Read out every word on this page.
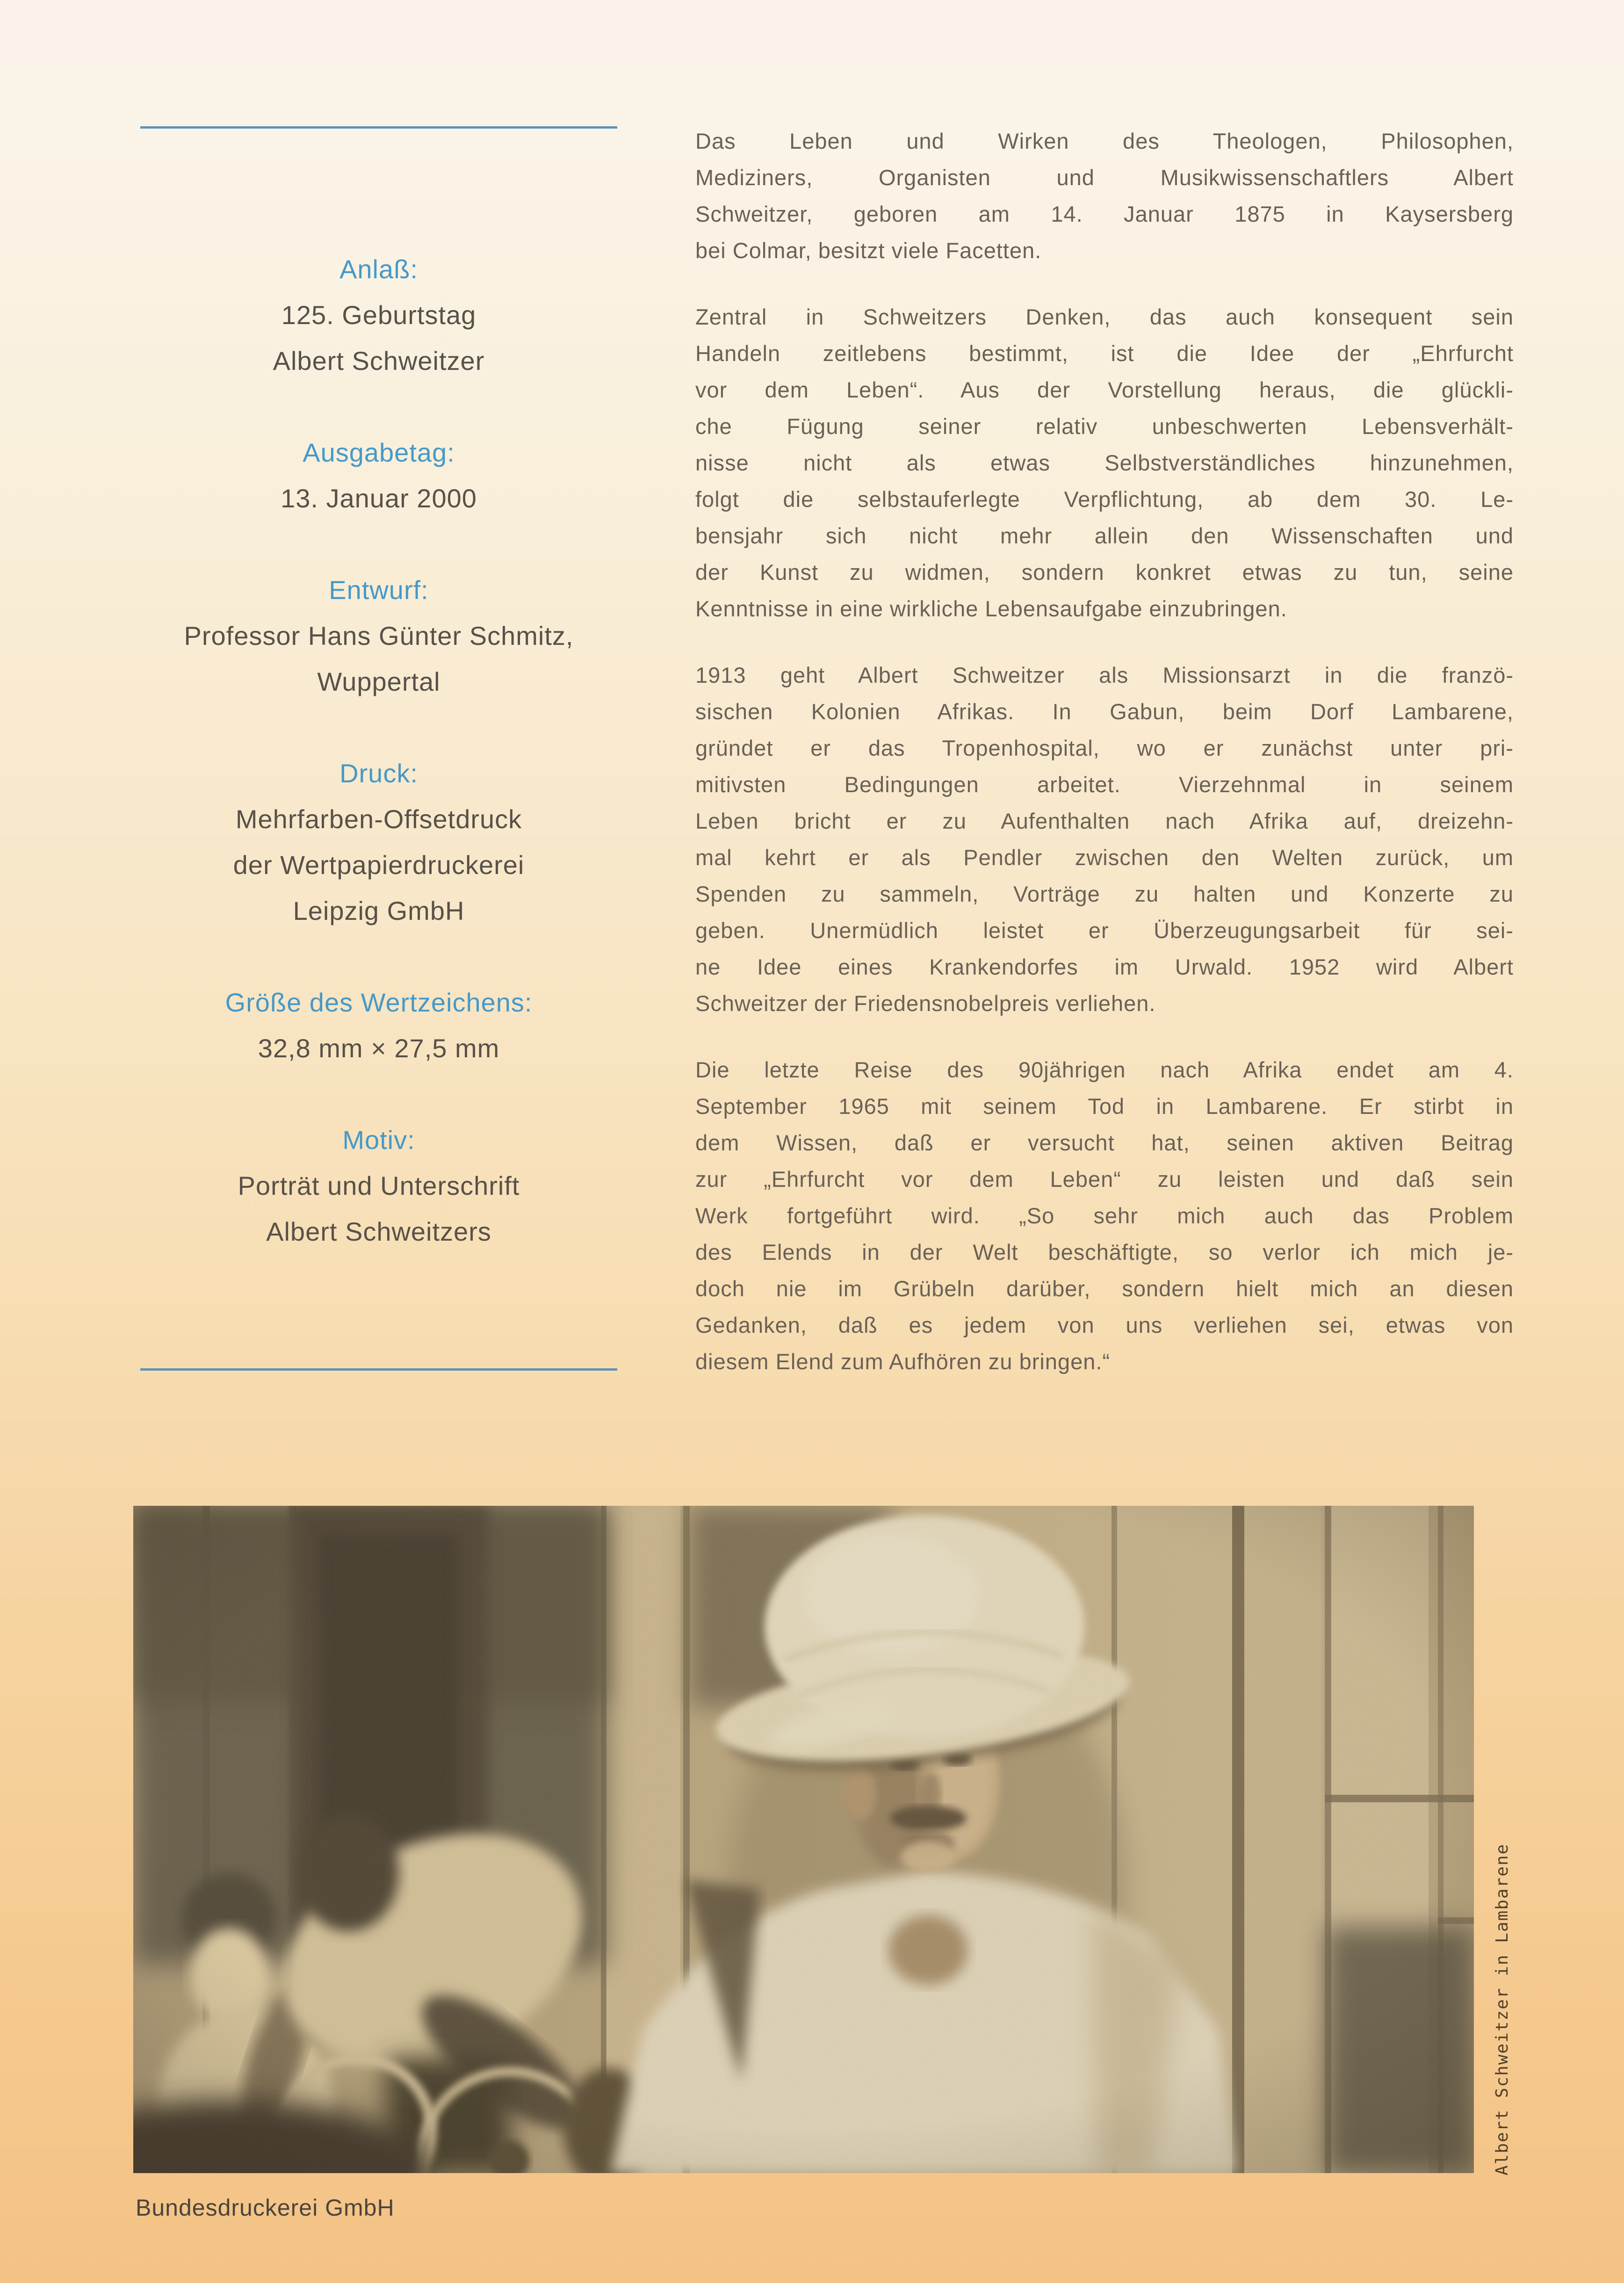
Anlaß:
125. Geburtstag
Albert Schweitzer
Ausgabetag:
13. Januar 2000
Entwurf:
Professor Hans Günter Schmitz,
Wuppertal
Druck:
Mehrfarben-Offsetdruck
der Wertpapierdruckerei
Leipzig GmbH
Größe des Wertzeichens:
32,8 mm × 27,5 mm
Motiv:
Porträt und Unterschrift
Albert Schweitzers
Das Leben und Wirken des Theologen, Philosophen,
Mediziners, Organisten und Musikwissenschaftlers Albert
Schweitzer, geboren am 14. Januar 1875 in Kaysersberg
bei Colmar, besitzt viele Facetten.
Zentral in Schweitzers Denken, das auch konsequent sein
Handeln zeitlebens bestimmt, ist die Idee der „Ehrfurcht
vor dem Leben“. Aus der Vorstellung heraus, die glückli-
che Fügung seiner relativ unbeschwerten Lebensverhält-
nisse nicht als etwas Selbstverständliches hinzunehmen,
folgt die selbstauferlegte Verpflichtung, ab dem 30. Le-
bensjahr sich nicht mehr allein den Wissenschaften und
der Kunst zu widmen, sondern konkret etwas zu tun, seine
Kenntnisse in eine wirkliche Lebensaufgabe einzubringen.
1913 geht Albert Schweitzer als Missionsarzt in die franzö-
sischen Kolonien Afrikas. In Gabun, beim Dorf Lambarene,
gründet er das Tropenhospital, wo er zunächst unter pri-
mitivsten Bedingungen arbeitet. Vierzehnmal in seinem
Leben bricht er zu Aufenthalten nach Afrika auf, dreizehn-
mal kehrt er als Pendler zwischen den Welten zurück, um
Spenden zu sammeln, Vorträge zu halten und Konzerte zu
geben. Unermüdlich leistet er Überzeugungsarbeit für sei-
ne Idee eines Krankendorfes im Urwald. 1952 wird Albert
Schweitzer der Friedensnobelpreis verliehen.
Die letzte Reise des 90jährigen nach Afrika endet am 4.
September 1965 mit seinem Tod in Lambarene. Er stirbt in
dem Wissen, daß er versucht hat, seinen aktiven Beitrag
zur „Ehrfurcht vor dem Leben“ zu leisten und daß sein
Werk fortgeführt wird. „So sehr mich auch das Problem
des Elends in der Welt beschäftigte, so verlor ich mich je-
doch nie im Grübeln darüber, sondern hielt mich an diesen
Gedanken, daß es jedem von uns verliehen sei, etwas von
diesem Elend zum Aufhören zu bringen.“
Albert Schweitzer in Lambarene
Bundesdruckerei GmbH
